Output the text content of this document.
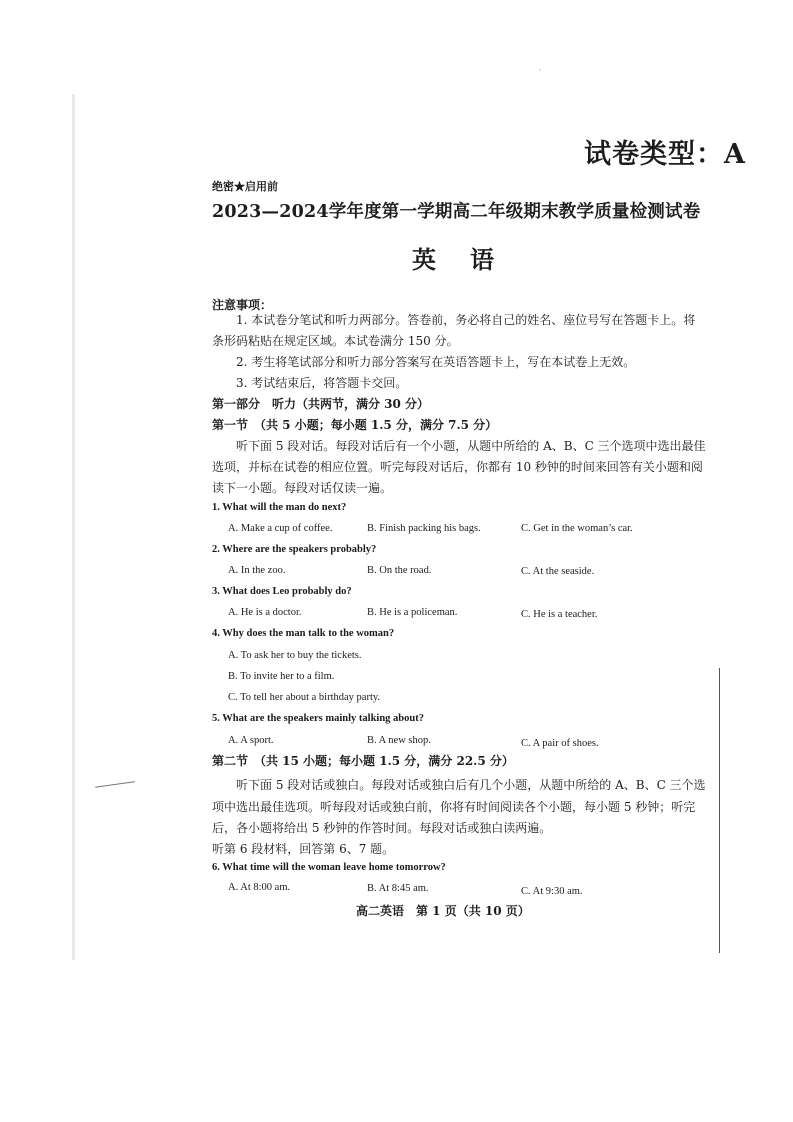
·
试卷类型：A
绝密★启用前
2023—2024学年度第一学期高二年级期末教学质量检测试卷
英语
注意事项：
1. 本试卷分笔试和听力两部分。答卷前，务必将自己的姓名、座位号写在答题卡上。将
条形码粘贴在规定区域。本试卷满分 150 分。
2. 考生将笔试部分和听力部分答案写在英语答题卡上，写在本试卷上无效。
3. 考试结束后，将答题卡交回。
第一部分　听力（共两节，满分 30 分）
第一节　（共 5 小题；每小题 1.5 分，满分 7.5 分）
听下面 5 段对话。每段对话后有一个小题，从题中所给的 A、B、C 三个选项中选出最佳
选项，并标在试卷的相应位置。听完每段对话后，你都有 10 秒钟的时间来回答有关小题和阅
读下一小题。每段对话仅读一遍。
1. What will the man do next?
A. Make a cup of coffee.	B. Finish packing his bags.	C. Get in the woman’s car.
2. Where are the speakers probably?
A. In the zoo.	B. On the road.	C. At the seaside.
3. What does Leo probably do?
A. He is a doctor.	B. He is a policeman.	C. He is a teacher.
4. Why does the man talk to the woman?
A. To ask her to buy the tickets.
B. To invite her to a film.
C. To tell her about a birthday party.
5. What are the speakers mainly talking about?
A. A sport.	B. A new shop.	C. A pair of shoes.
第二节　（共 15 小题；每小题 1.5 分，满分 22.5 分）
听下面 5 段对话或独白。每段对话或独白后有几个小题，从题中所给的 A、B、C 三个选
项中选出最佳选项。听每段对话或独白前，你将有时间阅读各个小题，每小题 5 秒钟；听完
后，各小题将给出 5 秒钟的作答时间。每段对话或独白读两遍。
听第 6 段材料，回答第 6、7 题。
6. What time will the woman leave home tomorrow?
A. At 8:00 am.	B. At 8:45 am.	C. At 9:30 am.
高二英语　第 1 页（共 10 页）
